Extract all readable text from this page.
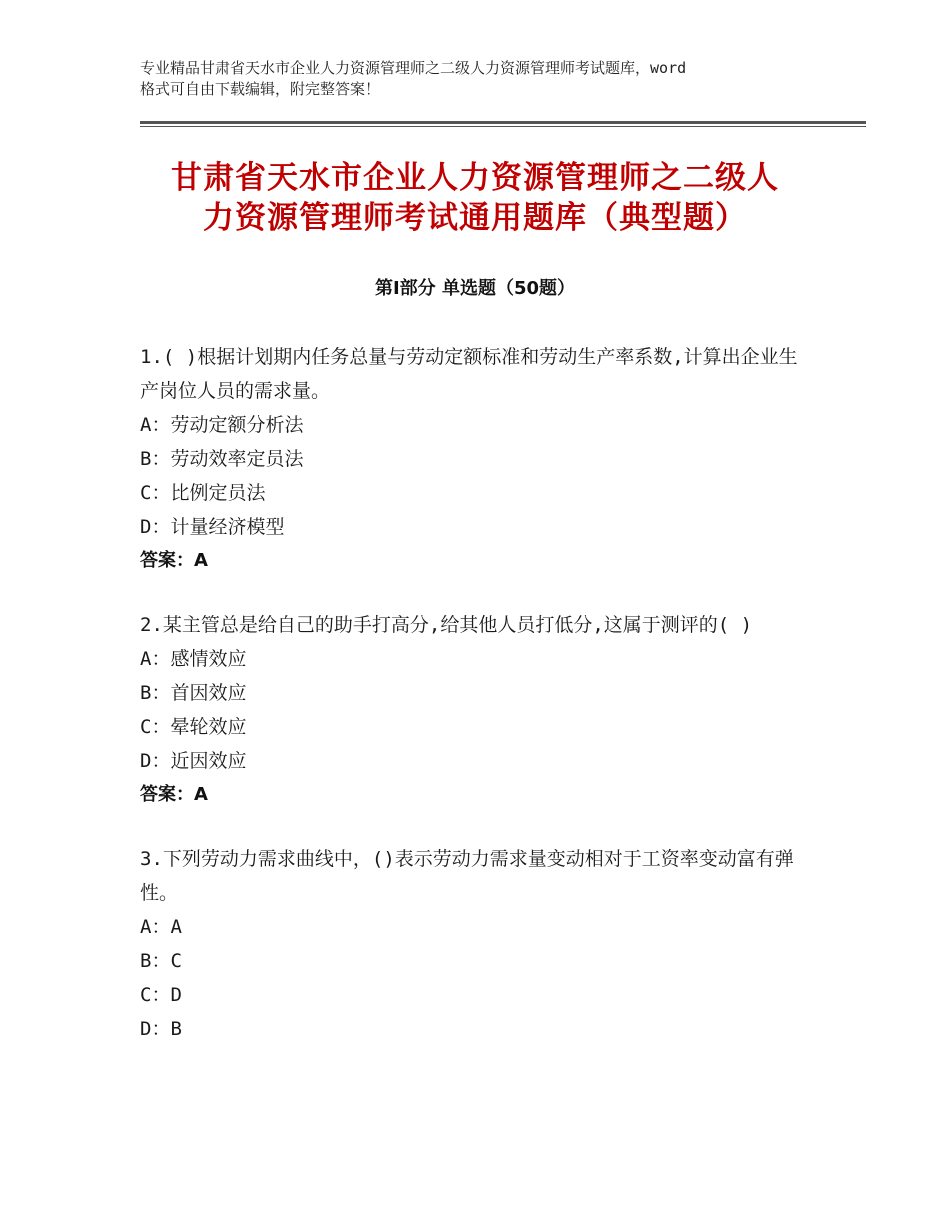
专业精品甘肃省天水市企业人力资源管理师之二级人力资源管理师考试题库，word
格式可自由下载编辑，附完整答案！
甘肃省天水市企业人力资源管理师之二级人
力资源管理师考试通用题库（典型题）
第Ⅰ部分 单选题（50题）
1.( )根据计划期内任务总量与劳动定额标准和劳动生产率系数,计算出企业生产岗位人员的需求量。
A：劳动定额分析法
B：劳动效率定员法
C：比例定员法
D：计量经济模型
答案：A
2.某主管总是给自己的助手打高分,给其他人员打低分,这属于测评的( )
A：感情效应
B：首因效应
C：晕轮效应
D：近因效应
答案：A
3.下列劳动力需求曲线中，()表示劳动力需求量变动相对于工资率变动富有弹性。
A：A
B：C
C：D
D：B
